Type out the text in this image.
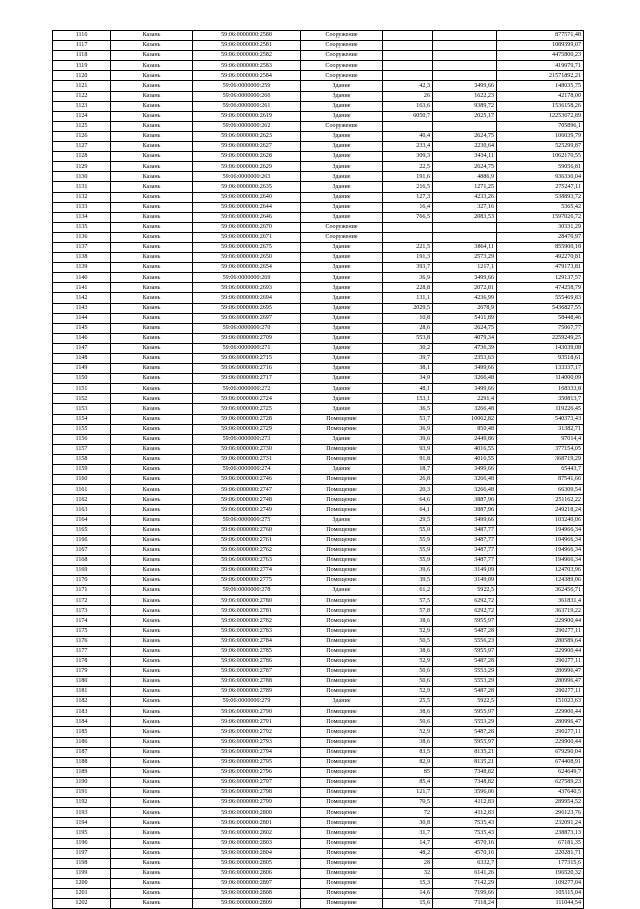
1116	Казань	59:06:0000000:2580	Сооружение			877571,48
1117	Казань	59:06:0000000:2581	Сооружение			1089399,07
1118	Казань	59:06:0000000:2582	Сооружение			4475800,23
1119	Казань	59:06:0000000:2583	Сооружение			419079,71
1120	Казань	59:06:0000000:2584	Сооружение			21571892,21
1121	Казань	59:06:0000000:259	Здание	42,3	3499,66	148035,75
1122	Казань	59:06:0000000:260	Здание	26	1622,23	42178,00
1123	Казань	59:06:0000000:261	Здание	163,6	9389,72	1536158,26
1124	Казань	59:06:0000000:2619	Здание	6050,7	2025,17	12253672,89
1125	Казань	59:06:0000000:262	Сооружение			705896,1
1126	Казань	59:06:0000000:2623	Здание	40,4	2624,75	106039,79
1127	Казань	59:06:0000000:2627	Здание	233,4	2230,64	525299,87
1128	Казань	59:06:0000000:2628	Здание	309,3	3434,11	1062170,55
1129	Казань	59:06:0000000:2629	Здание	22,5	2624,75	59056,81
1130	Казань	59:06:0000000:263	Здание	191,6	4886,9	936330,04
1131	Казань	59:06:0000000:2635	Здание	216,5	1271,25	275247,11
1132	Казань	59:06:0000000:2640	Здание	127,3	4233,26	538893,72
1133	Казань	59:06:0000000:2644	Здание	16,4	327,16	5365,42
1134	Казань	59:06:0000000:2646	Здание	766,5	2083,53	1597026,72
1135	Казань	59:06:0000000:2670	Сооружение			30331,29
1136	Казань	59:06:0000000:2671	Сооружение			28470,97
1137	Казань	59:06:0000000:2675	Здание	221,5	3864,11	855900,18
1138	Казань	59:06:0000000:2650	Здание	191,3	2573,29	492270,81
1139	Казань	59:06:0000000:2654	Здание	393,7	1217,1	479173,81
1140	Казань	59:06:0000000:269	Здание	36,9	3499,66	129137,57
1141	Казань	59:06:0000000:2693	Здание	228,8	2072,81	474258,79
1142	Казань	59:06:0000000:2694	Здание	131,1	4236,99	555469,83
1143	Казань	59:06:0000000:2695	Здание	2029,5	2678,9	5436827,55
1144	Казань	59:06:0000000:2697	Здание	10,8	5411,89	58448,46
1145	Казань	59:06:0000000:270	Здание	28,6	2624,75	75067,77
1146	Казань	59:06:0000000:2709	Здание	553,8	4079,34	2259249,25
1147	Казань	59:06:0000000:271	Здание	30,2	4736,39	143039,08
1148	Казань	59:06:0000000:2715	Здание	39,7	2353,63	93518,61
1149	Казань	59:06:0000000:2716	Здание	38,1	3499,66	133337,17
1150	Казань	59:06:0000000:2717	Здание	34,9	3266,48	114000,09
1151	Казань	59:06:0000000:272	Здание	48,1	3499,66	168333,8
1152	Казань	59:06:0000000:2724	Здание	153,1	2291,4	350813,7
1153	Казань	59:06:0000000:2725	Здание	36,5	3266,48	119226,45
1154	Казань	59:06:0000000:2728	Помещение	53,7	10062,82	540373,43
1155	Казань	59:06:0000000:2729	Помещение	36,9	850,48	31382,71
1156	Казань	59:06:0000000:273	Здание	39,6	2449,86	97014,4
1157	Казань	59:06:0000000:2730	Помещение	93,9	4016,55	377154,05
1158	Казань	59:06:0000000:2731	Помещение	91,8	4016,55	368719,29
1159	Казань	59:06:0000000:274	Здание	18,7	3499,66	65443,7
1160	Казань	59:06:0000000:2746	Помещение	26,8	3266,48	87541,66
1161	Казань	59:06:0000000:2747	Помещение	20,3	3266,48	66309,54
1162	Казань	59:06:0000000:2748	Помещение	64,6	3887,96	251162,22
1163	Казань	59:06:0000000:2749	Помещение	64,1	3887,96	249218,24
1164	Казань	59:06:0000000:275	Здание	29,5	3499,66	103240,06
1165	Казань	59:06:0000000:2760	Помещение	55,9	3487,77	194966,34
1166	Казань	59:06:0000000:2761	Помещение	55,9	3487,77	194966,34
1167	Казань	59:06:0000000:2762	Помещение	55,9	3487,77	194966,34
1168	Казань	59:06:0000000:2763	Помещение	55,9	3487,77	194966,34
1169	Казань	59:06:0000000:2774	Помещение	39,6	3149,09	124703,96
1170	Казань	59:06:0000000:2775	Помещение	39,5	3149,09	124389,06
1171	Казань	59:06:0000000:278	Здание	61,2	5922,5	362456,71
1172	Казань	59:06:0000000:2780	Помещение	57,5	6292,72	361831,4
1173	Казань	59:06:0000000:2781	Помещение	57,8	6292,72	363719,22
1174	Казань	59:06:0000000:2782	Помещение	38,6	5955,97	229900,44
1175	Казань	59:06:0000000:2783	Помещение	52,9	5487,28	290277,11
1176	Казань	59:06:0000000:2784	Помещение	50,5	5556,23	280589,64
1177	Казань	59:06:0000000:2785	Помещение	38,6	5955,97	229900,44
1178	Казань	59:06:0000000:2786	Помещение	52,9	5487,28	290277,11
1179	Казань	59:06:0000000:2787	Помещение	50,6	5553,29	280996,47
1180	Казань	59:06:0000000:2788	Помещение	50,6	5553,29	280996,47
1181	Казань	59:06:0000000:2789	Помещение	52,9	5487,28	290277,11
1182	Казань	59:06:0000000:279	Здание	25,5	5922,5	151023,63
1183	Казань	59:06:0000000:2790	Помещение	38,6	5955,97	229900,44
1184	Казань	59:06:0000000:2791	Помещение	50,6	5553,29	280996,47
1185	Казань	59:06:0000000:2792	Помещение	52,9	5487,28	290277,11
1186	Казань	59:06:0000000:2793	Помещение	38,6	5955,97	229900,44
1187	Казань	59:06:0000000:2794	Помещение	83,5	8135,21	679290,04
1188	Казань	59:06:0000000:2795	Помещение	82,9	8135,21	674408,91
1189	Казань	59:06:0000000:2796	Помещение	85	7348,82	624649,7
1190	Казань	59:06:0000000:2797	Помещение	85,4	7348,82	627589,23
1191	Казань	59:06:0000000:2798	Помещение	121,7	3596,06	437640,5
1192	Казань	59:06:0000000:2799	Помещение	70,5	4112,83	289954,52
1193	Казань	59:06:0000000:2800	Помещение	72	4112,83	296123,76
1194	Казань	59:06:0000000:2801	Помещение	30,8	7535,43	232091,24
1195	Казань	59:06:0000000:2802	Помещение	31,7	7535,43	238873,13
1196	Казань	59:06:0000000:2803	Помещение	14,7	4570,16	67181,35
1197	Казань	59:06:0000000:2804	Помещение	48,2	4570,16	220281,71
1198	Казань	59:06:0000000:2805	Помещение	28	6332,7	177315,6
1199	Казань	59:06:0000000:2806	Помещение	32	6141,26	196520,32
1200	Казань	59:06:0000000:2807	Помещение	15,3	7142,29	109277,04
1201	Казань	59:06:0000000:2808	Помещение	14,6	7199,66	105115,04
1202	Казань	59:06:0000000:2809	Помещение	15,6	7118,24	111044,54
